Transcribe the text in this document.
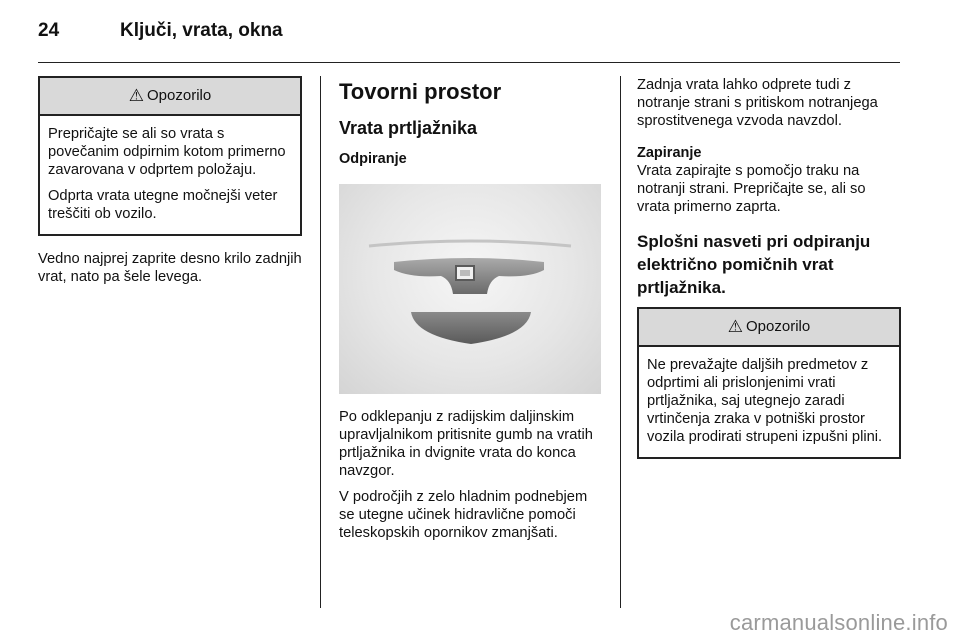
24	Ključi, vrata, okna
⚠ Opozorilo

Prepričajte se ali so vrata s povečanim odpirnim kotom primerno zavarovana v odprtem položaju.

Odprta vrata utegne močnejši veter treščiti ob vozilo.

Vedno najprej zaprite desno krilo zadnjih vrat, nato pa šele levega.

Tovorni prostor
Vrata prtljažnika
Odpiranje

Po odklepanju z radijskim daljinskim upravljalnikom pritisnite gumb na vratih prtljažnika in dvignite vrata do konca navzgor.

V področjih z zelo hladnim podnebjem se utegne učinek hidravlične pomoči teleskopskih opornikov zmanjšati.

Zadnja vrata lahko odprete tudi z notranje strani s pritiskom notranjega sprostitvenega vzvoda navzdol.

Zapiranje

Vrata zapirajte s pomočjo traku na notranji strani. Prepričajte se, ali so vrata primerno zaprta.

Splošni nasveti pri odpiranju električno pomičnih vrat prtljažnika.
⚠ Opozorilo

Ne prevažajte daljših predmetov z odprtimi ali prislonjenimi vrati prtljažnika, saj utegnejo zaradi vrtinčenja zraka v potniški prostor vozila prodirati strupeni izpušni plini.

carmanualsonline.info
